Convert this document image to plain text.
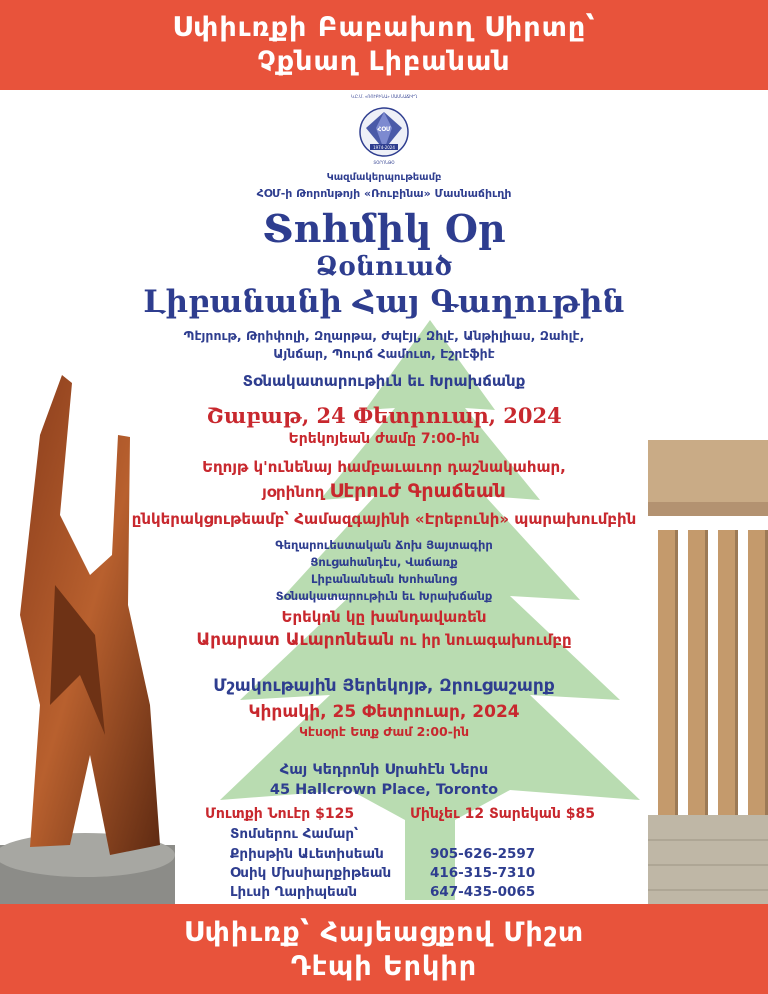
Սփիւռքի Բաբախող Սիրտը՝
Չքնաղ Լիբանան
Կ.Ը.Մ. «ՌՈՒԲԻՆԱ» ՄԱՍՆԱՃԻՒՂ
ՀՕՄ
1974-2024
ՏՕՐՈՆԹՕ
Կազմակերպութեամբ
ՀՕՄ-ի Թորոնթոյի «Ռուբինա» Մասնաճիւղի
Տոհմիկ Օր
Ձօնուած
Լիբանանի Հայ Գաղութին
Պէյրութ, Թրիփոլի, Զղարթա, Ժպէյլ, Զհլէ, Անթիլիաս, Զահլէ,
Այնճար, Պուրճ Համուտ, Էշրէֆիէ
Տօնակատարութիւն եւ Խրախճանք
Շաբաթ, 24 Փետրուար, 2024
Երեկոյեան ժամը 7:00-ին
Եղոյթ կ'ունենայ համբաւաւոր դաշնակահար,
յօրինող Սէրուժ Գրաճեան
ընկերակցութեամբ՝ Համազգայինի «Էրեբունի» պարախումբին
Գեղարուեստական Ճոխ Յայտագիր
Ցուցահանդէս, Վաճառք
Լիբանանեան Խոհանոց
Տօնակատարութիւն եւ Խրախճանք
Երեկոն կը խանդավառեն
Արարատ Աւարոնեան ու իր նուագախումբը
Մշակութային Յերեկոյթ, Զրուցաշարք
Կիրակի, 25 Փետրուար, 2024
Կէսօրէ Ետք Ժամ 2:00-ին
Հայ Կեդրոնի Սրահէն Ներս
45 Hallcrown Place, Toronto
Մուտքի Նուէր $125	Մինչեւ 12 Տարեկան $85
Տոմսերու Համար՝
Քրիսթին Աւետիսեան	905-626-2597
Օսիկ Մխսիարքիթեան	416-315-7310
Լիւսի Ղարիպեան	647-435-0065
Սփիւռք՝ Հայեացքով Միշտ
Դէպի Երկիր
